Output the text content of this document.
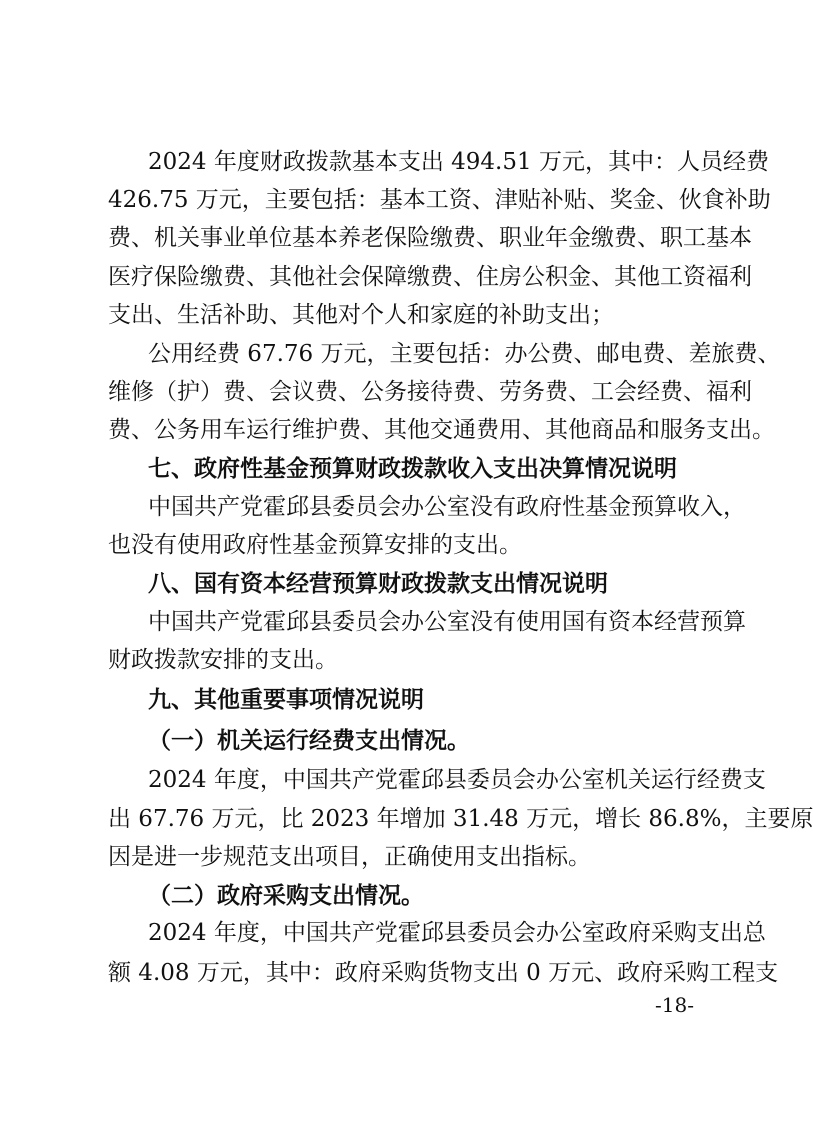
2024 年度财政拨款基本支出 494.51 万元，其中：人员经费
426.75 万元，主要包括：基本工资、津贴补贴、奖金、伙食补助
费、机关事业单位基本养老保险缴费、职业年金缴费、职工基本
医疗保险缴费、其他社会保障缴费、住房公积金、其他工资福利
支出、生活补助、其他对个人和家庭的补助支出；
公用经费 67.76 万元，主要包括：办公费、邮电费、差旅费、
维修（护）费、会议费、公务接待费、劳务费、工会经费、福利
费、公务用车运行维护费、其他交通费用、其他商品和服务支出。
七、政府性基金预算财政拨款收入支出决算情况说明
中国共产党霍邱县委员会办公室没有政府性基金预算收入，
也没有使用政府性基金预算安排的支出。
八、国有资本经营预算财政拨款支出情况说明
中国共产党霍邱县委员会办公室没有使用国有资本经营预算
财政拨款安排的支出。
九、其他重要事项情况说明
（一）机关运行经费支出情况。
2024 年度，中国共产党霍邱县委员会办公室机关运行经费支
出 67.76 万元，比 2023 年增加 31.48 万元，增长 86.8%，主要原
因是进一步规范支出项目，正确使用支出指标。
（二）政府采购支出情况。
2024 年度，中国共产党霍邱县委员会办公室政府采购支出总
额 4.08 万元，其中：政府采购货物支出 0 万元、政府采购工程支
-18-
